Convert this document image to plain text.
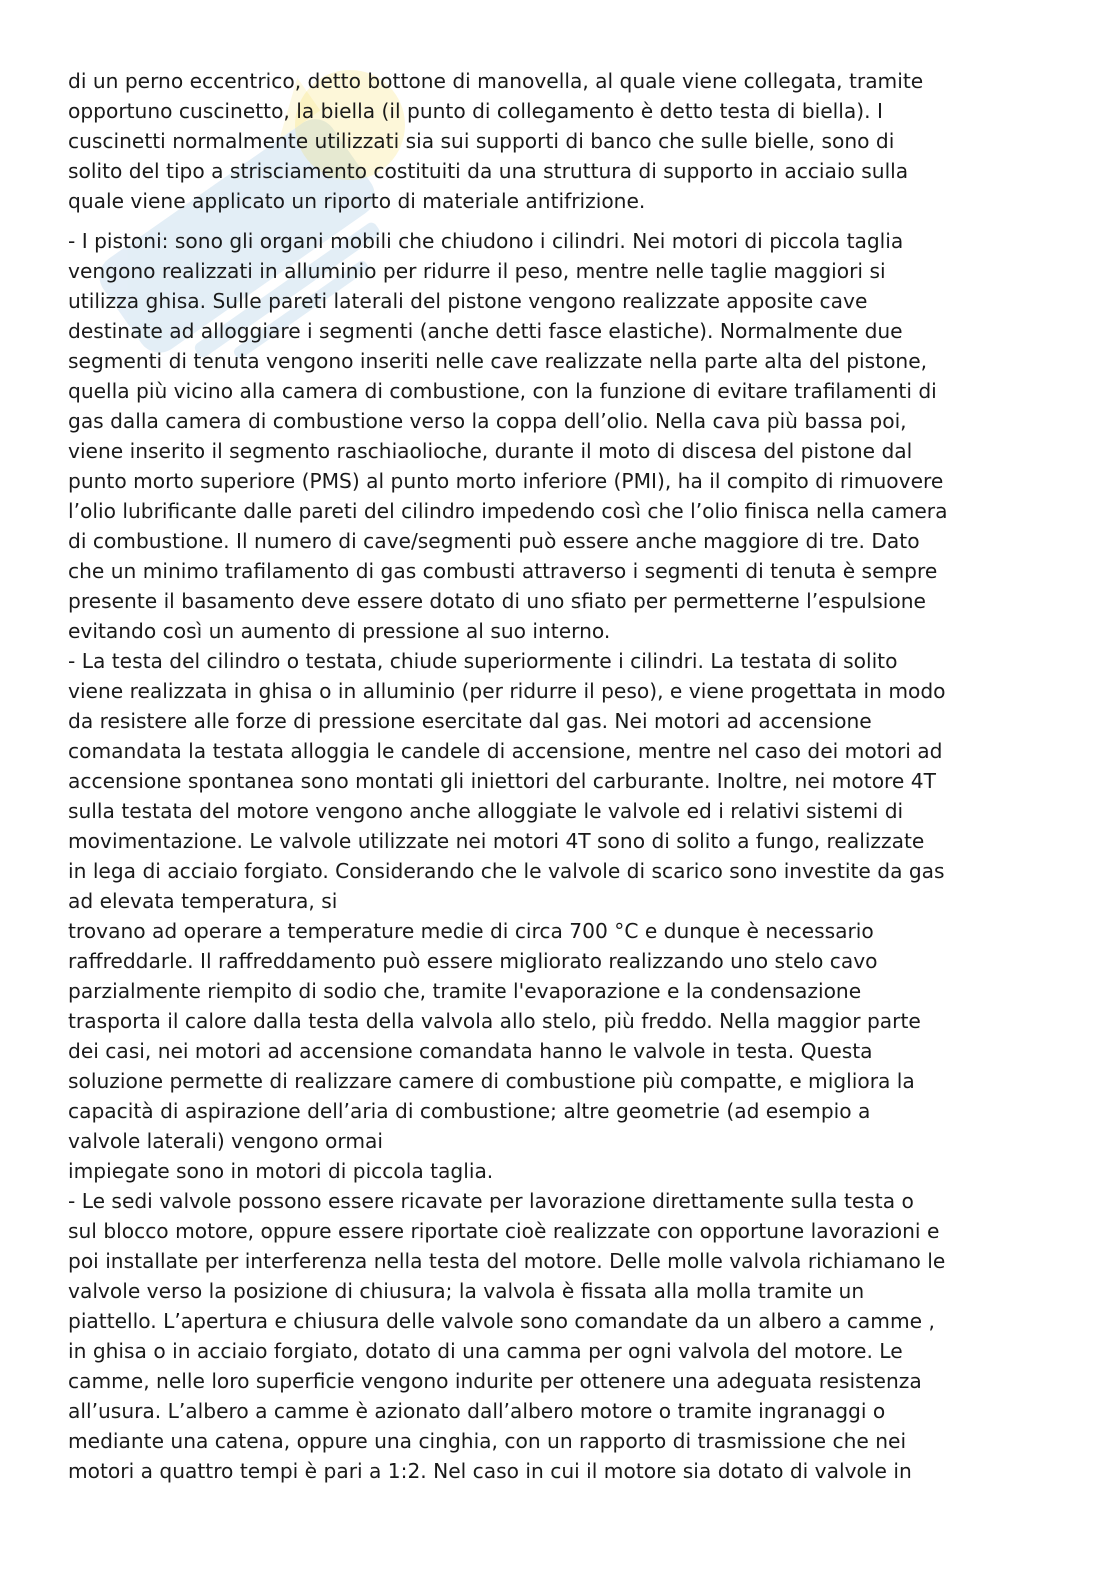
di un perno eccentrico, detto bottone di manovella, al quale viene collegata, tramite
opportuno cuscinetto, la biella (il punto di collegamento è detto testa di biella). I
cuscinetti normalmente utilizzati sia sui supporti di banco che sulle bielle, sono di
solito del tipo a strisciamento costituiti da una struttura di supporto in acciaio sulla
quale viene applicato un riporto di materiale antifrizione.
- I pistoni: sono gli organi mobili che chiudono i cilindri. Nei motori di piccola taglia
vengono realizzati in alluminio per ridurre il peso, mentre nelle taglie maggiori si
utilizza ghisa. Sulle pareti laterali del pistone vengono realizzate apposite cave
destinate ad alloggiare i segmenti (anche detti fasce elastiche). Normalmente due
segmenti di tenuta vengono inseriti nelle cave realizzate nella parte alta del pistone,
quella più vicino alla camera di combustione, con la funzione di evitare trafilamenti di
gas dalla camera di combustione verso la coppa dell’olio. Nella cava più bassa poi,
viene inserito il segmento raschiaolioche, durante il moto di discesa del pistone dal
punto morto superiore (PMS) al punto morto inferiore (PMI), ha il compito di rimuovere
l’olio lubrificante dalle pareti del cilindro impedendo così che l’olio finisca nella camera
di combustione. Il numero di cave/segmenti può essere anche maggiore di tre. Dato
che un minimo trafilamento di gas combusti attraverso i segmenti di tenuta è sempre
presente il basamento deve essere dotato di uno sfiato per permetterne l’espulsione
evitando così un aumento di pressione al suo interno.
- La testa del cilindro o testata, chiude superiormente i cilindri. La testata di solito
viene realizzata in ghisa o in alluminio (per ridurre il peso), e viene progettata in modo
da resistere alle forze di pressione esercitate dal gas. Nei motori ad accensione
comandata la testata alloggia le candele di accensione, mentre nel caso dei motori ad
accensione spontanea sono montati gli iniettori del carburante. Inoltre, nei motore 4T
sulla testata del motore vengono anche alloggiate le valvole ed i relativi sistemi di
movimentazione. Le valvole utilizzate nei motori 4T sono di solito a fungo, realizzate
in lega di acciaio forgiato. Considerando che le valvole di scarico sono investite da gas
ad elevata temperatura, si
trovano ad operare a temperature medie di circa 700 °C e dunque è necessario
raffreddarle. Il raffreddamento può essere migliorato realizzando uno stelo cavo
parzialmente riempito di sodio che, tramite l'evaporazione e la condensazione
trasporta il calore dalla testa della valvola allo stelo, più freddo. Nella maggior parte
dei casi, nei motori ad accensione comandata hanno le valvole in testa. Questa
soluzione permette di realizzare camere di combustione più compatte, e migliora la
capacità di aspirazione dell’aria di combustione; altre geometrie (ad esempio a
valvole laterali) vengono ormai
impiegate sono in motori di piccola taglia.
- Le sedi valvole possono essere ricavate per lavorazione direttamente sulla testa o
sul blocco motore, oppure essere riportate cioè realizzate con opportune lavorazioni e
poi installate per interferenza nella testa del motore. Delle molle valvola richiamano le
valvole verso la posizione di chiusura; la valvola è fissata alla molla tramite un
piattello. L’apertura e chiusura delle valvole sono comandate da un albero a camme ,
in ghisa o in acciaio forgiato, dotato di una camma per ogni valvola del motore. Le
camme, nelle loro superficie vengono indurite per ottenere una adeguata resistenza
all’usura. L’albero a camme è azionato dall’albero motore o tramite ingranaggi o
mediante una catena, oppure una cinghia, con un rapporto di trasmissione che nei
motori a quattro tempi è pari a 1:2. Nel caso in cui il motore sia dotato di valvole in
